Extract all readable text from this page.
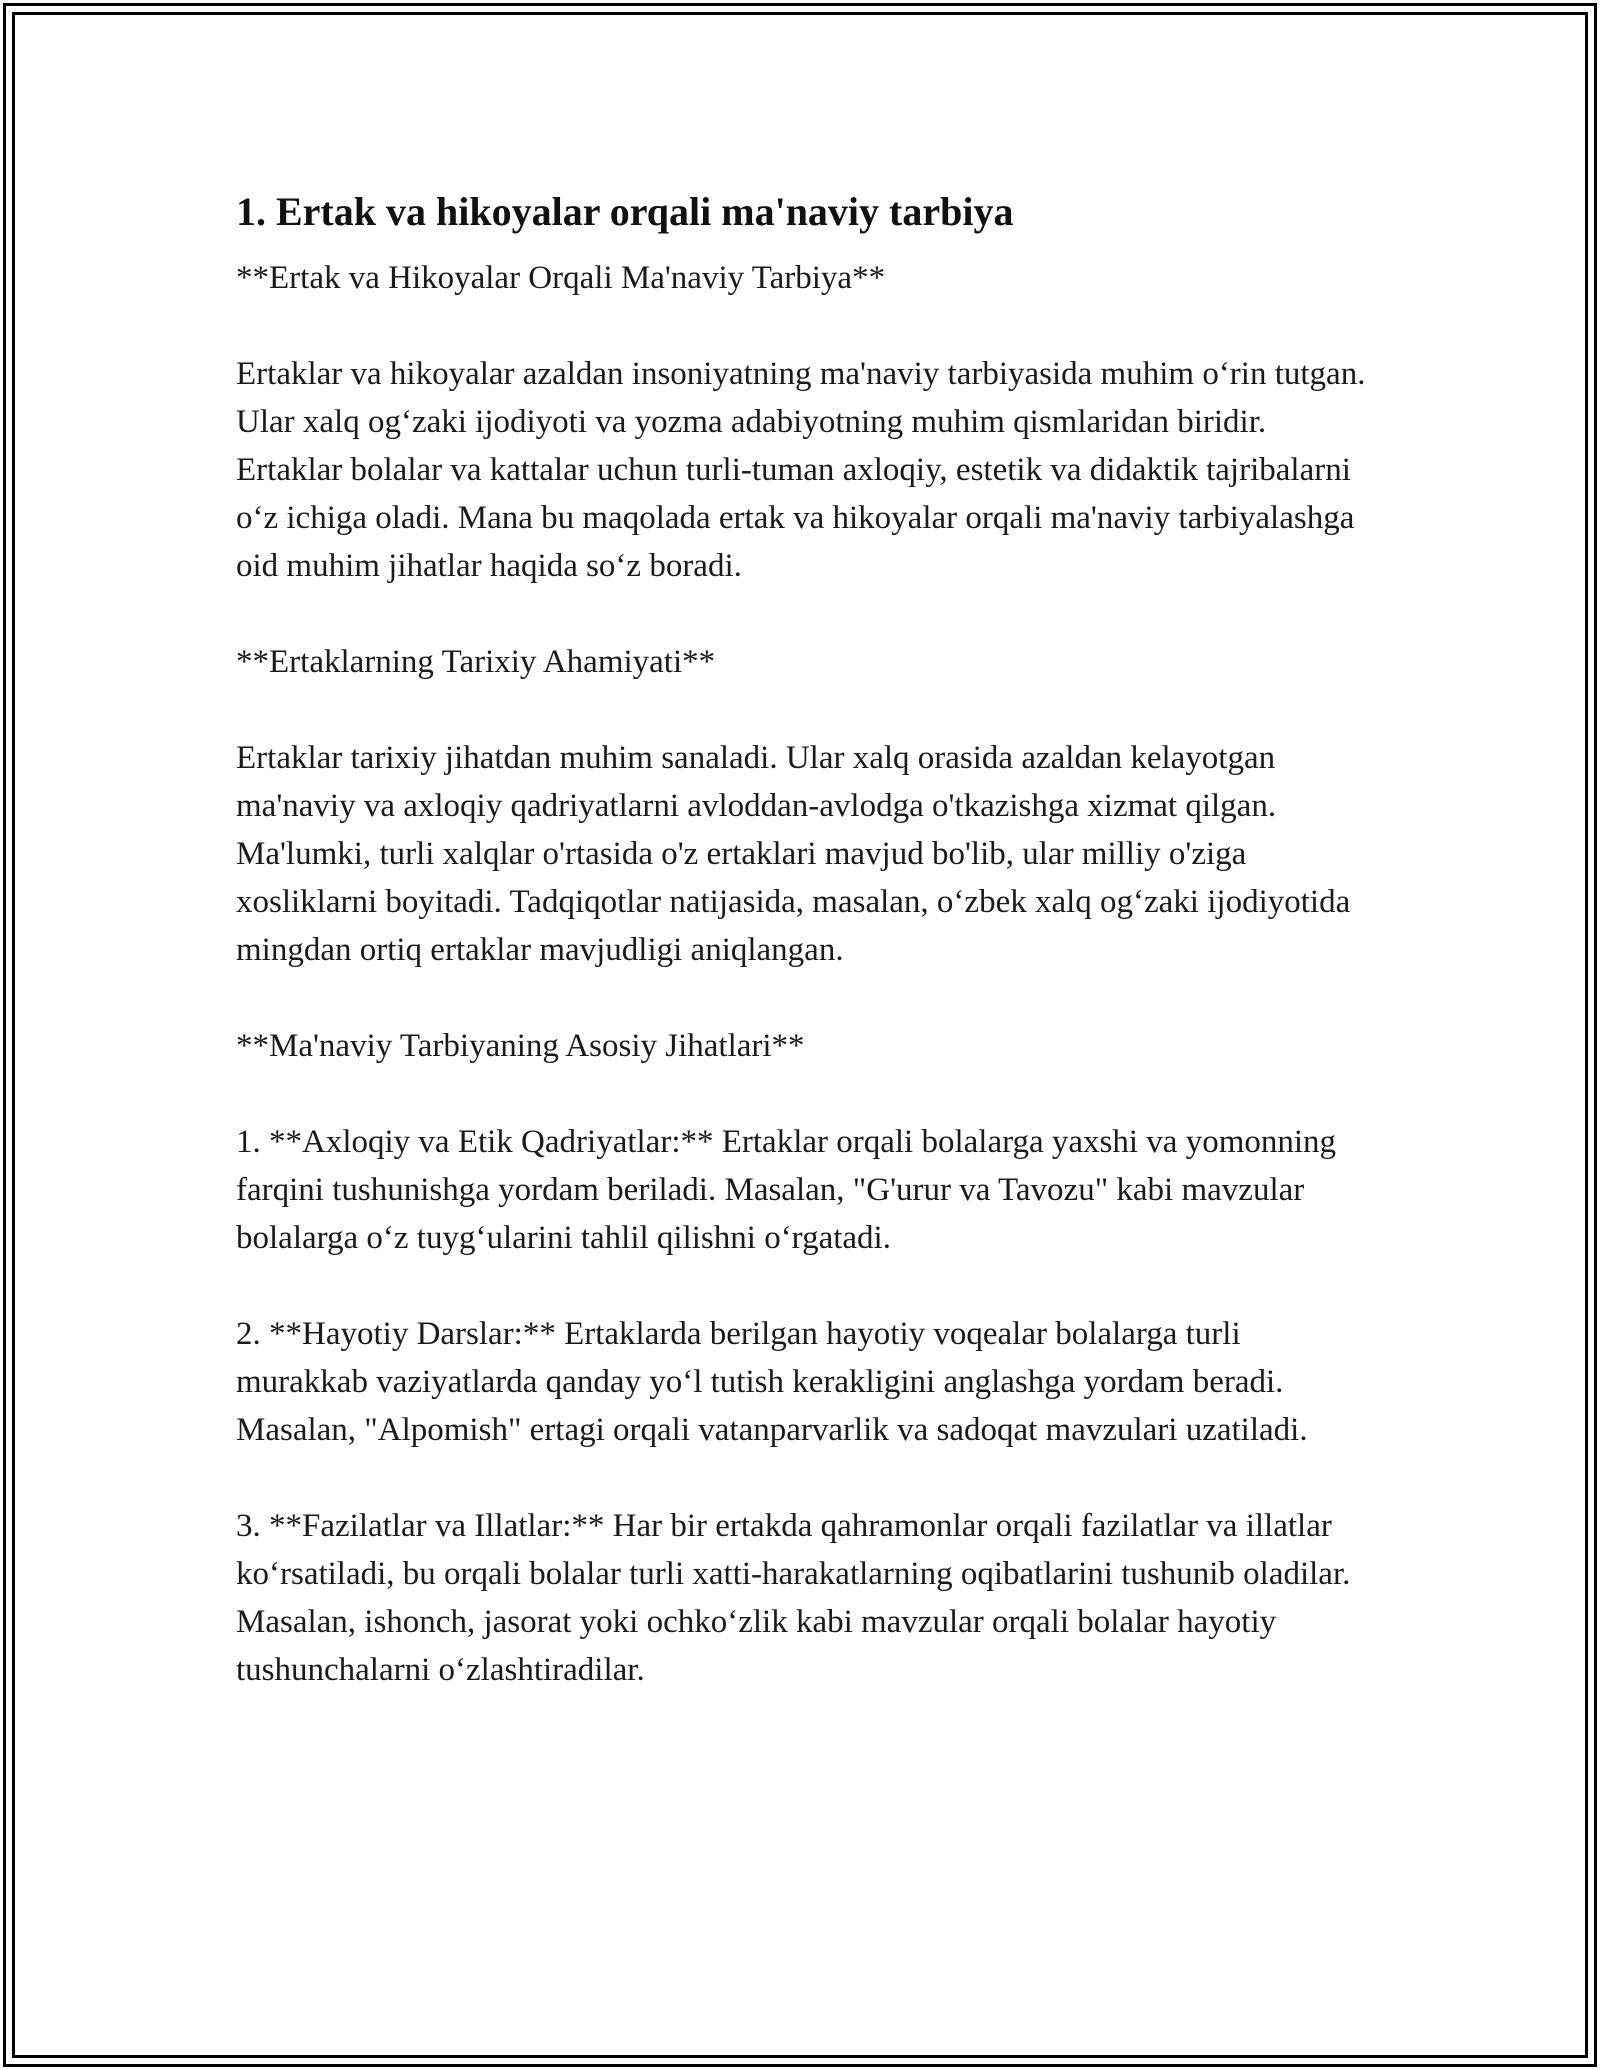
1. Ertak va hikoyalar orqali ma'naviy tarbiya

**Ertak va Hikoyalar Orqali Ma'naviy Tarbiya**

Ertaklar va hikoyalar azaldan insoniyatning ma'naviy tarbiyasida muhim o‘rin tutgan. Ular xalq og‘zaki ijodiyoti va yozma adabiyotning muhim qismlaridan biridir. Ertaklar bolalar va kattalar uchun turli-tuman axloqiy, estetik va didaktik tajribalarni o‘z ichiga oladi. Mana bu maqolada ertak va hikoyalar orqali ma'naviy tarbiyalashga oid muhim jihatlar haqida so‘z boradi.

**Ertaklarning Tarixiy Ahamiyati**

Ertaklar tarixiy jihatdan muhim sanaladi. Ular xalq orasida azaldan kelayotgan ma'naviy va axloqiy qadriyatlarni avloddan-avlodga o'tkazishga xizmat qilgan. Ma'lumki, turli xalqlar o'rtasida o'z ertaklari mavjud bo'lib, ular milliy o'ziga xosliklarni boyitadi. Tadqiqotlar natijasida, masalan, o‘zbek xalq og‘zaki ijodiyotida mingdan ortiq ertaklar mavjudligi aniqlangan.

**Ma'naviy Tarbiyaning Asosiy Jihatlari**

1. **Axloqiy va Etik Qadriyatlar:** Ertaklar orqali bolalarga yaxshi va yomonning farqini tushunishga yordam beriladi. Masalan, "G'urur va Tavozu" kabi mavzular bolalarga o‘z tuyg‘ularini tahlil qilishni o‘rgatadi.

2. **Hayotiy Darslar:** Ertaklarda berilgan hayotiy voqealar bolalarga turli murakkab vaziyatlarda qanday yo‘l tutish kerakligini anglashga yordam beradi. Masalan, "Alpomish" ertagi orqali vatanparvarlik va sadoqat mavzulari uzatiladi.

3. **Fazilatlar va Illatlar:** Har bir ertakda qahramonlar orqali fazilatlar va illatlar ko‘rsatiladi, bu orqali bolalar turli xatti-harakatlarning oqibatlarini tushunib oladilar. Masalan, ishonch, jasorat yoki ochko‘zlik kabi mavzular orqali bolalar hayotiy tushunchalarni o‘zlashtiradilar.
